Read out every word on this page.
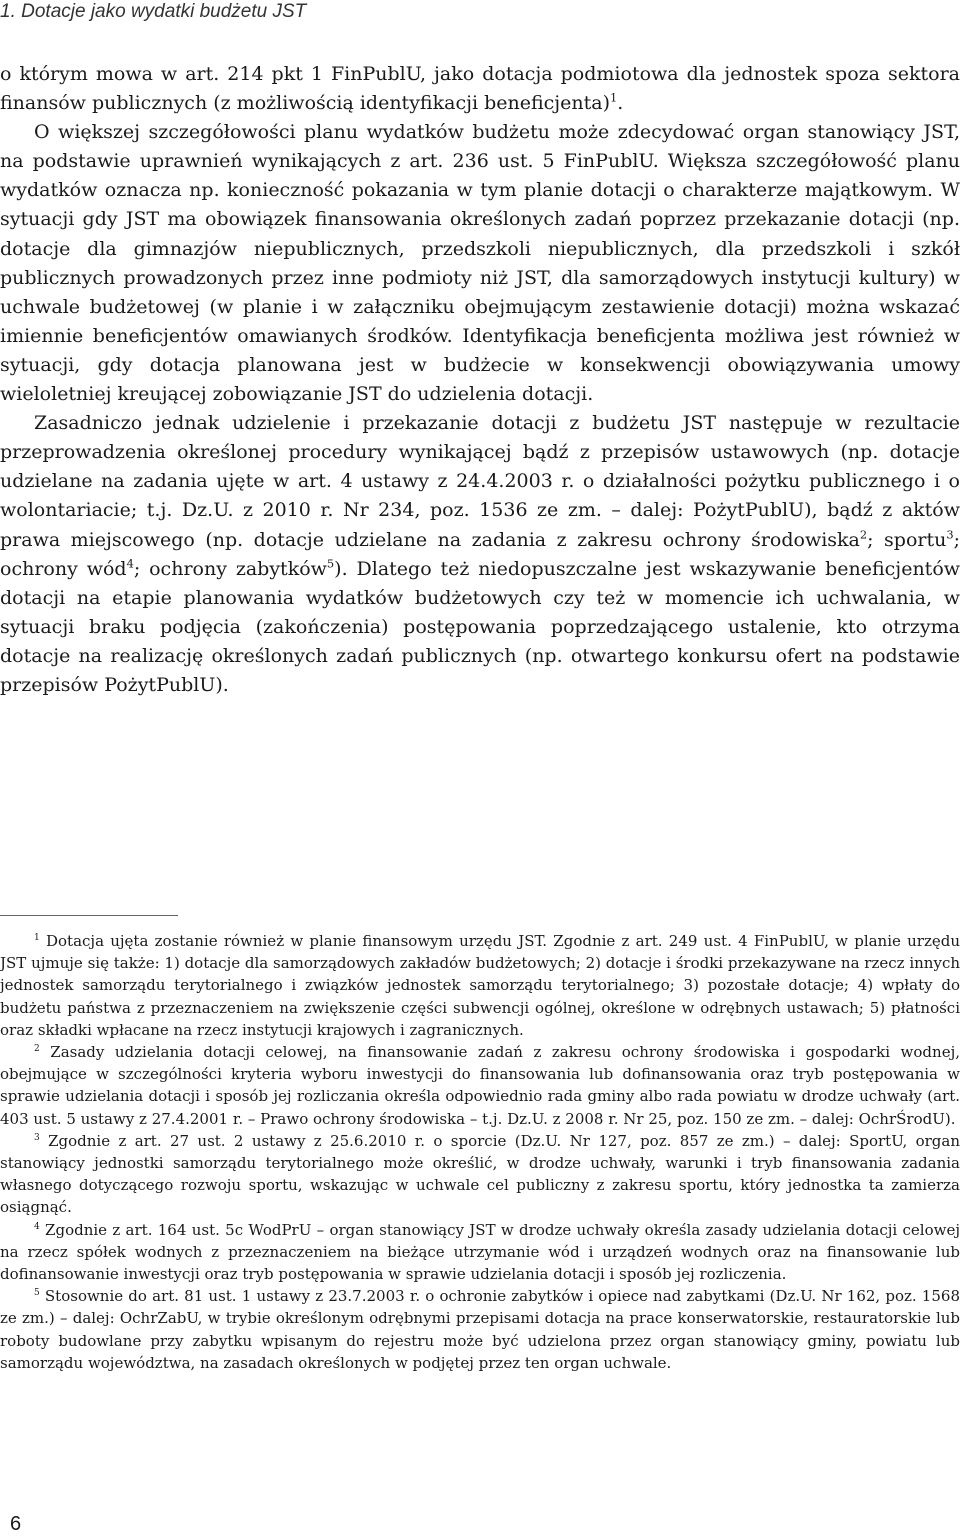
1. Dotacje jako wydatki budżetu JST

o którym mowa w art. 214 pkt 1 FinPublU, jako dotacja podmiotowa dla jednostek spoza sektora finansów publicznych (z możliwością identyfikacji beneficjenta)$^1$.

O większej szczegółowości planu wydatków budżetu może zdecydować organ stanowiący JST, na podstawie uprawnień wynikających z art. 236 ust. 5 FinPublU. Większa szczegółowość planu wydatków oznacza np. konieczność pokazania w tym planie dotacji o charakterze majątkowym. W sytuacji gdy JST ma obowiązek finansowania określonych zadań poprzez przekazanie dotacji (np. dotacje dla gimnazjów niepublicznych, przedszkoli niepublicznych, dla przedszkoli i szkół publicznych prowadzonych przez inne podmioty niż JST, dla samorządowych instytucji kultury) w uchwale budżetowej (w planie i w załączniku obejmującym zestawienie dotacji) można wskazać imiennie beneficjentów omawianych środków. Identyfikacja beneficjenta możliwa jest również w sytuacji, gdy dotacja planowana jest w budżecie w konsekwencji obowiązywania umowy wieloletniej kreującej zobowiązanie JST do udzielenia dotacji.

Zasadniczo jednak udzielenie i przekazanie dotacji z budżetu JST następuje w rezultacie przeprowadzenia określonej procedury wynikającej bądź z przepisów ustawowych (np. dotacje udzielane na zadania ujęte w art. 4 ustawy z 24.4.2003 r. o działalności pożytku publicznego i o wolontariacie; t.j. Dz.U. z 2010 r. Nr 234, poz. 1536 ze zm. – dalej: PożytPublU), bądź z aktów prawa miejscowego (np. dotacje udzielane na zadania z zakresu ochrony środowiska$^2$; sportu$^3$; ochrony wód$^4$; ochrony zabytków$^5$). Dlatego też niedopuszczalne jest wskazywanie beneficjentów dotacji na etapie planowania wydatków budżetowych czy też w momencie ich uchwalania, w sytuacji braku podjęcia (zakończenia) postępowania poprzedzającego ustalenie, kto otrzyma dotacje na realizację określonych zadań publicznych (np. otwartego konkursu ofert na podstawie przepisów PożytPublU).

$^1$ Dotacja ujęta zostanie również w planie finansowym urzędu JST. Zgodnie z art. 249 ust. 4 FinPublU, w planie urzędu JST ujmuje się także: 1) dotacje dla samorządowych zakładów budżetowych; 2) dotacje i środki przekazywane na rzecz innych jednostek samorządu terytorialnego i związków jednostek samorządu terytorialnego; 3) pozostałe dotacje; 4) wpłaty do budżetu państwa z przeznaczeniem na zwiększenie części subwencji ogólnej, określone w odrębnych ustawach; 5) płatności oraz składki wpłacane na rzecz instytucji krajowych i zagranicznych.

$^2$ Zasady udzielania dotacji celowej, na finansowanie zadań z zakresu ochrony środowiska i gospodarki wodnej, obejmujące w szczególności kryteria wyboru inwestycji do finansowania lub dofinansowania oraz tryb postępowania w sprawie udzielania dotacji i sposób jej rozliczania określa odpowiednio rada gminy albo rada powiatu w drodze uchwały (art. 403 ust. 5 ustawy z 27.4.2001 r. – Prawo ochrony środowiska – t.j. Dz.U. z 2008 r. Nr 25, poz. 150 ze zm. – dalej: OchrŚrodU).

$^3$ Zgodnie z art. 27 ust. 2 ustawy z 25.6.2010 r. o sporcie (Dz.U. Nr 127, poz. 857 ze zm.) – dalej: SportU, organ stanowiący jednostki samorządu terytorialnego może określić, w drodze uchwały, warunki i tryb finansowania zadania własnego dotyczącego rozwoju sportu, wskazując w uchwale cel publiczny z zakresu sportu, który jednostka ta zamierza osiągnąć.

$^4$ Zgodnie z art. 164 ust. 5c WodPrU – organ stanowiący JST w drodze uchwały określa zasady udzielania dotacji celowej na rzecz spółek wodnych z przeznaczeniem na bieżące utrzymanie wód i urządzeń wodnych oraz na finansowanie lub dofinansowanie inwestycji oraz tryb postępowania w sprawie udzielania dotacji i sposób jej rozliczenia.

$^5$ Stosownie do art. 81 ust. 1 ustawy z 23.7.2003 r. o ochronie zabytków i opiece nad zabytkami (Dz.U. Nr 162, poz. 1568 ze zm.) – dalej: OchrZabU, w trybie określonym odrębnymi przepisami dotacja na prace konserwatorskie, restauratorskie lub roboty budowlane przy zabytku wpisanym do rejestru może być udzielona przez organ stanowiący gminy, powiatu lub samorządu województwa, na zasadach określonych w podjętej przez ten organ uchwale.

6
